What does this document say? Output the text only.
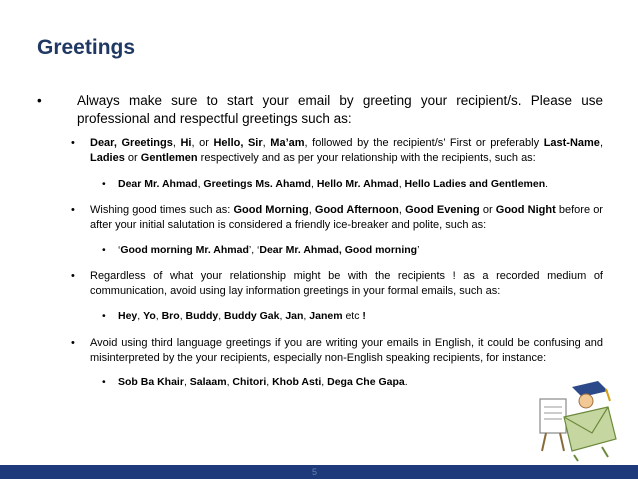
Greetings
•	Always make sure to start your email by greeting your recipient/s. Please use professional and respectful greetings such as:
•	Dear, Greetings, Hi, or Hello, Sir, Ma’am, followed by the recipient/s’ First or preferably Last-Name, Ladies or Gentlemen respectively and as per your relationship with the recipients, such as:
•	Dear Mr. Ahmad, Greetings Ms. Ahamd, Hello Mr. Ahmad, Hello Ladies and Gentlemen.
•	Wishing good times such as: Good Morning, Good Afternoon, Good Evening or Good Night before or after your initial salutation is considered a friendly ice-breaker and polite, such as:
•	‘Good morning Mr. Ahmad’, ‘Dear Mr. Ahmad, Good morning’
•	Regardless of what your relationship might be with the recipients ! as a recorded medium of communication, avoid using lay information greetings in your formal emails, such as:
•	Hey, Yo, Bro, Buddy, Buddy Gak, Jan, Janem etc !
•	Avoid using third language greetings if you are writing your emails in English, it could be confusing and misinterpreted by the your recipients, especially non-English speaking recipients, for instance:
•	Sob Ba Khair, Salaam, Chitori, Khob Asti, Dega Che Gapa.
5
